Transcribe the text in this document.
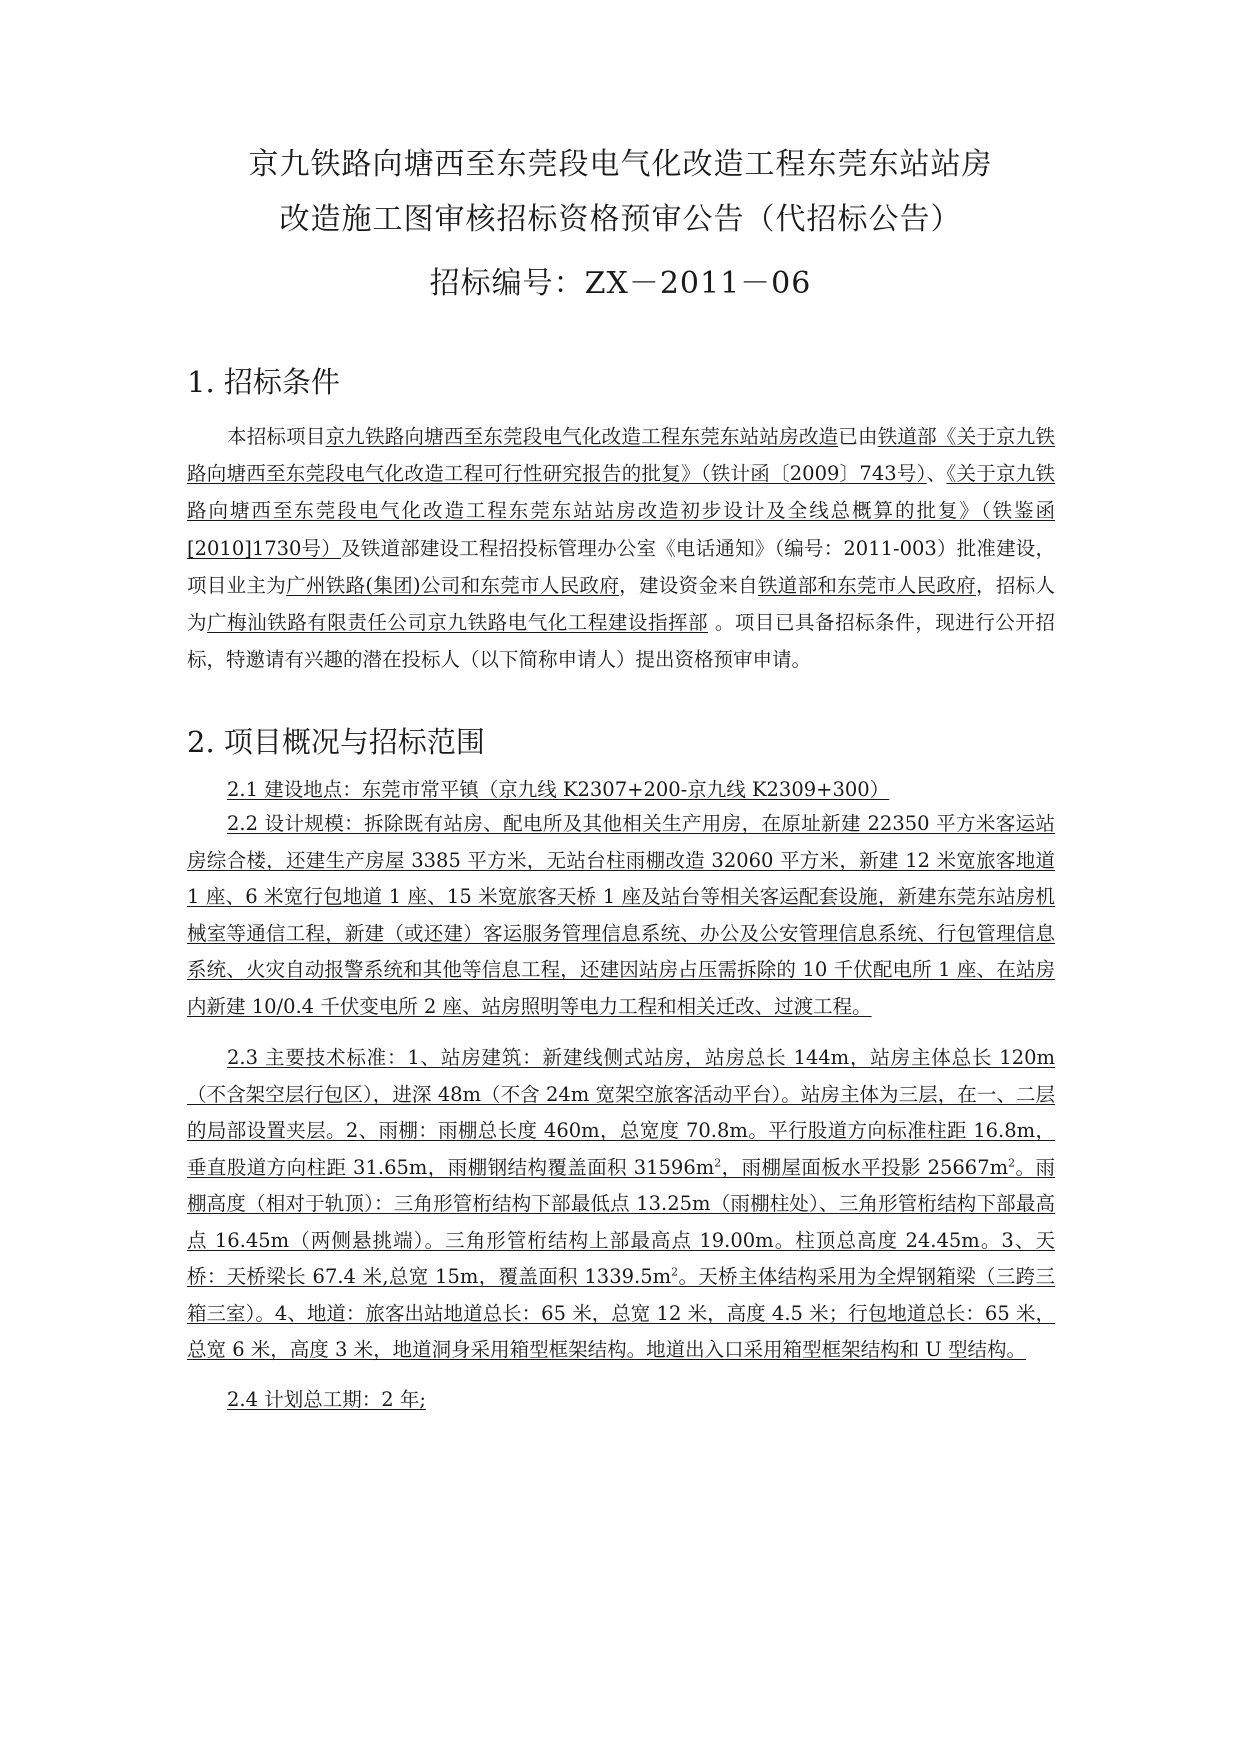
京九铁路向塘西至东莞段电气化改造工程东莞东站站房
改造施工图审核招标资格预审公告（代招标公告）
招标编号：ZX－2011－06
1. 招标条件

本招标项目京九铁路向塘西至东莞段电气化改造工程东莞东站站房改造已由铁道部《关于京九铁路向塘西至东莞段电气化改造工程可行性研究报告的批复》（铁计函〔2009〕743号）、《关于京九铁路向塘西至东莞段电气化改造工程东莞东站站房改造初步设计及全线总概算的批复》（铁鉴函[2010]1730号）及铁道部建设工程招投标管理办公室《电话通知》（编号：2011-003）批准建设，项目业主为广州铁路(集团)公司和东莞市人民政府，建设资金来自铁道部和东莞市人民政府，招标人为广梅汕铁路有限责任公司京九铁路电气化工程建设指挥部 。项目已具备招标条件，现进行公开招标，特邀请有兴趣的潜在投标人（以下简称申请人）提出资格预审申请。

2. 项目概况与招标范围

2.1 建设地点：东莞市常平镇（京九线 K2307+200-京九线 K2309+300）

2.2 设计规模：拆除既有站房、配电所及其他相关生产用房，在原址新建 22350 平方米客运站房综合楼，还建生产房屋 3385 平方米，无站台柱雨棚改造 32060 平方米，新建 12 米宽旅客地道 1 座、6 米宽行包地道 1 座、15 米宽旅客天桥 1 座及站台等相关客运配套设施，新建东莞东站房机械室等通信工程，新建（或还建）客运服务管理信息系统、办公及公安管理信息系统、行包管理信息系统、火灾自动报警系统和其他等信息工程，还建因站房占压需拆除的 10 千伏配电所 1 座、在站房内新建 10/0.4 千伏变电所 2 座、站房照明等电力工程和相关迁改、过渡工程。

2.3 主要技术标准：1、站房建筑：新建线侧式站房，站房总长 144m，站房主体总长 120m（不含架空层行包区），进深 48m（不含 24m 宽架空旅客活动平台）。站房主体为三层，在一、二层的局部设置夹层。2、雨棚：雨棚总长度 460m，总宽度 70.8m。平行股道方向标准柱距 16.8m，垂直股道方向柱距 31.65m，雨棚钢结构覆盖面积 $31596m^2$，雨棚屋面板水平投影 $25667m^2$。雨棚高度（相对于轨顶）：三角形管桁结构下部最低点 13.25m（雨棚柱处）、三角形管桁结构下部最高点 16.45m（两侧悬挑端）。三角形管桁结构上部最高点 19.00m。柱顶总高度 24.45m。3、天桥：天桥梁长 67.4 米,总宽 15m，覆盖面积 $1339.5m^2$。天桥主体结构采用为全焊钢箱梁（三跨三箱三室）。4、地道：旅客出站地道总长：65 米，总宽 12 米，高度 4.5 米；行包地道总长：65 米，总宽 6 米，高度 3 米，地道洞身采用箱型框架结构。地道出入口采用箱型框架结构和 U 型结构。

2.4 计划总工期：2 年;
